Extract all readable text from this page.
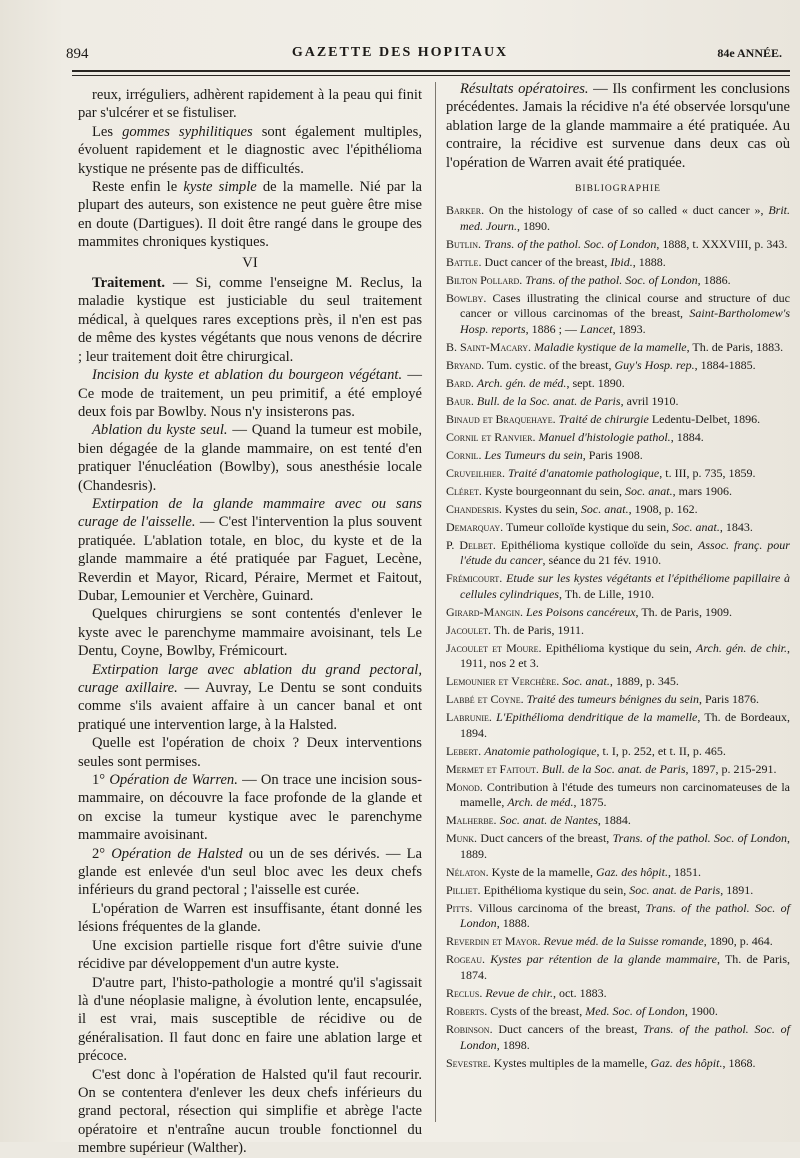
894	GAZETTE DES HOPITAUX	84e ANNÉE.

reux, irréguliers, adhèrent rapidement à la peau qui finit par s'ulcérer et se fistuliser.

Les gommes syphilitiques sont également multiples, évoluent rapidement et le diagnostic avec l'épithélioma kystique ne présente pas de difficultés.

Reste enfin le kyste simple de la mamelle. Nié par la plupart des auteurs, son existence ne peut guère être mise en doute (Dartigues). Il doit être rangé dans le groupe des mammites chroniques kystiques.

VI

Traitement. — Si, comme l'enseigne M. Reclus, la maladie kystique est justiciable du seul traitement médical, à quelques rares exceptions près, il n'en est pas de même des kystes végétants que nous venons de décrire ; leur traitement doit être chirurgical.

Incision du kyste et ablation du bourgeon végétant. — Ce mode de traitement, un peu primitif, a été employé deux fois par Bowlby. Nous n'y insisterons pas.

Ablation du kyste seul. — Quand la tumeur est mobile, bien dégagée de la glande mammaire, on est tenté d'en pratiquer l'énucléation (Bowlby), sous anesthésie locale (Chandesris).

Extirpation de la glande mammaire avec ou sans curage de l'aisselle. — C'est l'intervention la plus souvent pratiquée. L'ablation totale, en bloc, du kyste et de la glande mammaire a été pratiquée par Faguet, Lecène, Reverdin et Mayor, Ricard, Péraire, Mermet et Faitout, Dubar, Lemounier et Verchère, Guinard.

Quelques chirurgiens se sont contentés d'enlever le kyste avec le parenchyme mammaire avoisinant, tels Le Dentu, Coyne, Bowlby, Frémicourt.

Extirpation large avec ablation du grand pectoral, curage axillaire. — Auvray, Le Dentu se sont conduits comme s'ils avaient affaire à un cancer banal et ont pratiqué une intervention large, à la Halsted.

Quelle est l'opération de choix ? Deux interventions seules sont permises.

1° Opération de Warren. — On trace une incision sous-mammaire, on découvre la face profonde de la glande et on excise la tumeur kystique avec le parenchyme mammaire avoisinant.

2° Opération de Halsted ou un de ses dérivés. — La glande est enlevée d'un seul bloc avec les deux chefs inférieurs du grand pectoral ; l'aisselle est curée.

L'opération de Warren est insuffisante, étant donné les lésions fréquentes de la glande.

Une excision partielle risque fort d'être suivie d'une récidive par développement d'un autre kyste.

D'autre part, l'histo-pathologie a montré qu'il s'agissait là d'une néoplasie maligne, à évolution lente, encapsulée, il est vrai, mais susceptible de récidive ou de généralisation. Il faut donc en faire une ablation large et précoce.

C'est donc à l'opération de Halsted qu'il faut recourir. On se contentera d'enlever les deux chefs inférieurs du grand pectoral, résection qui simplifie et abrège l'acte opératoire et n'entraîne aucun trouble fonctionnel du membre supérieur (Walther).

Résultats opératoires. — Ils confirment les conclusions précédentes. Jamais la récidive n'a été observée lorsqu'une ablation large de la glande mammaire a été pratiquée. Au contraire, la récidive est survenue dans deux cas où l'opération de Warren avait été pratiquée.

BIBLIOGRAPHIE
Barker. On the histology of case of so called « duct cancer », Brit. med. Journ., 1890.
Butlin. Trans. of the pathol. Soc. of London, 1888, t. XXXVIII, p. 343.
Battle. Duct cancer of the breast, Ibid., 1888.
Bilton Pollard. Trans. of the pathol. Soc. of London, 1886.
Bowlby. Cases illustrating the clinical course and structure of duc cancer or villous carcinomas of the breast, Saint-Bartholomew's Hosp. reports, 1886 ; — Lancet, 1893.
B. Saint-Macary. Maladie kystique de la mamelle, Th. de Paris, 1883.
Bryand. Tum. cystic. of the breast, Guy's Hosp. rep., 1884-1885.
Bard. Arch. gén. de méd., sept. 1890.
Baur. Bull. de la Soc. anat. de Paris, avril 1910.
Binaud et Braquehaye. Traité de chirurgie Ledentu-Delbet, 1896.
Cornil et Ranvier. Manuel d'histologie pathol., 1884.
Cornil. Les Tumeurs du sein, Paris 1908.
Cruveilhier. Traité d'anatomie pathologique, t. III, p. 735, 1859.
Cléret. Kyste bourgeonnant du sein, Soc. anat., mars 1906.
Chandesris. Kystes du sein, Soc. anat., 1908, p. 162.
Demarquay. Tumeur colloïde kystique du sein, Soc. anat., 1843.
P. Delbet. Epithélioma kystique colloïde du sein, Assoc. franç. pour l'étude du cancer, séance du 21 fév. 1910.
Frémicourt. Etude sur les kystes végétants et l'épithéliome papillaire à cellules cylindriques, Th. de Lille, 1910.
Girard-Mangin. Les Poisons cancéreux, Th. de Paris, 1909.
Jacoulet. Th. de Paris, 1911.
Jacoulet et Moure. Epithélioma kystique du sein, Arch. gén. de chir., 1911, nos 2 et 3.
Lemounier et Verchère. Soc. anat., 1889, p. 345.
Labbé et Coyne. Traité des tumeurs bénignes du sein, Paris 1876.
Labrunie. L'Epithélioma dendritique de la mamelle, Th. de Bordeaux, 1894.
Lebert. Anatomie pathologique, t. I, p. 252, et t. II, p. 465.
Mermet et Faitout. Bull. de la Soc. anat. de Paris, 1897, p. 215-291.
Monod. Contribution à l'étude des tumeurs non carcinomateuses de la mamelle, Arch. de méd., 1875.
Malherbe. Soc. anat. de Nantes, 1884.
Munk. Duct cancers of the breast, Trans. of the pathol. Soc. of London, 1889.
Nélaton. Kyste de la mamelle, Gaz. des hôpit., 1851.
Pilliet. Epithélioma kystique du sein, Soc. anat. de Paris, 1891.
Pitts. Villous carcinoma of the breast, Trans. of the pathol. Soc. of London, 1888.
Reverdin et Mayor. Revue méd. de la Suisse romande, 1890, p. 464.
Rogeau. Kystes par rétention de la glande mammaire, Th. de Paris, 1874.
Reclus. Revue de chir., oct. 1883.
Roberts. Cysts of the breast, Med. Soc. of London, 1900.
Robinson. Duct cancers of the breast, Trans. of the pathol. Soc. of London, 1898.
Sevestre. Kystes multiples de la mamelle, Gaz. des hôpit., 1868.
